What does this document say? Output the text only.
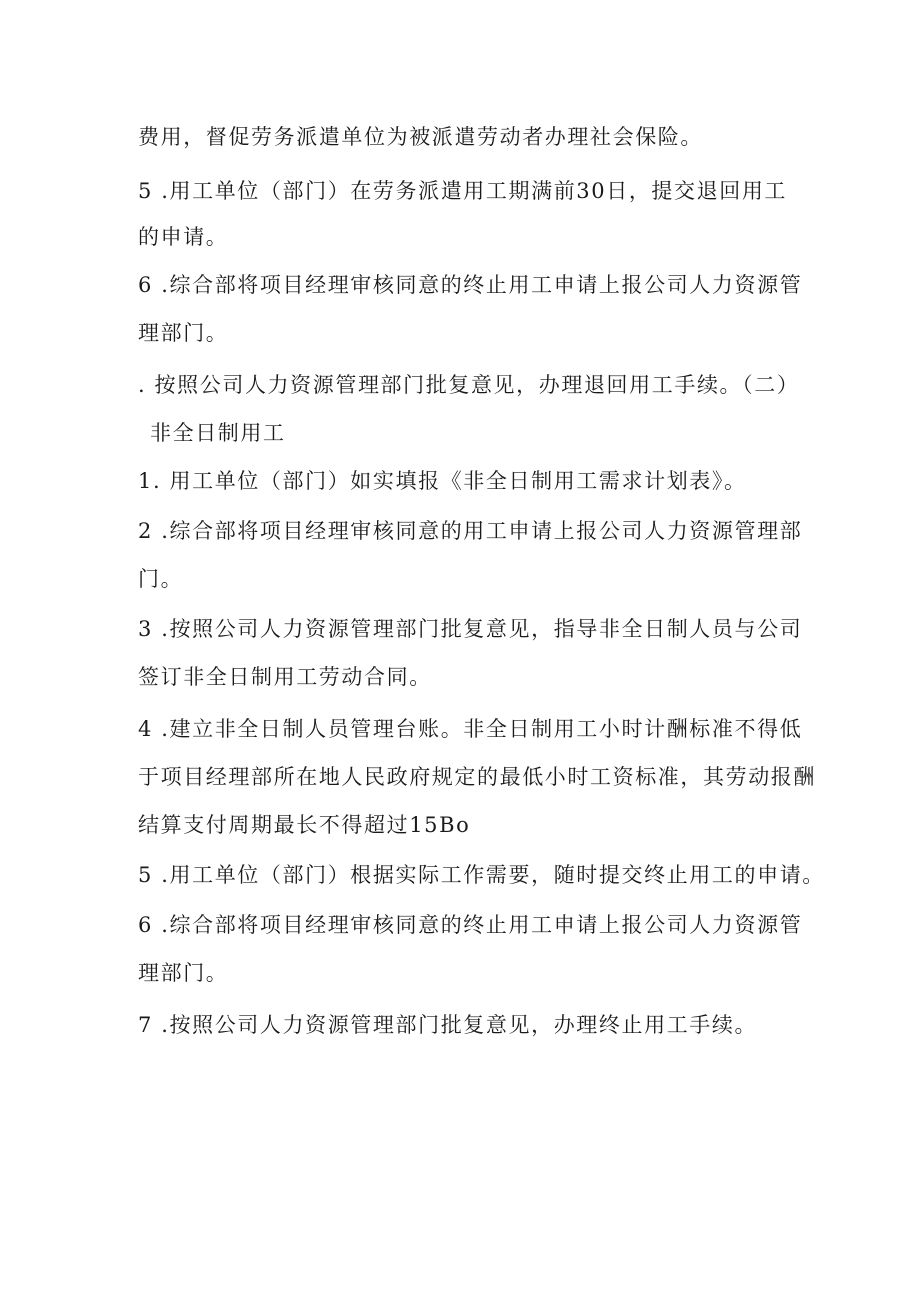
费用，督促劳务派遣单位为被派遣劳动者办理社会保险。
5 .用工单位（部门）在劳务派遣用工期满前30日，提交退回用工
的申请。
6 .综合部将项目经理审核同意的终止用工申请上报公司人力资源管
理部门。
. 按照公司人力资源管理部门批复意见，办理退回用工手续。（二）
非全日制用工
1. 用工单位（部门）如实填报《非全日制用工需求计划表》。
2 .综合部将项目经理审核同意的用工申请上报公司人力资源管理部
门。
3 .按照公司人力资源管理部门批复意见，指导非全日制人员与公司
签订非全日制用工劳动合同。
4 .建立非全日制人员管理台账。非全日制用工小时计酬标准不得低
于项目经理部所在地人民政府规定的最低小时工资标准，其劳动报酬
结算支付周期最长不得超过15Bo
5 .用工单位（部门）根据实际工作需要，随时提交终止用工的申请。
6 .综合部将项目经理审核同意的终止用工申请上报公司人力资源管
理部门。
7 .按照公司人力资源管理部门批复意见，办理终止用工手续。
